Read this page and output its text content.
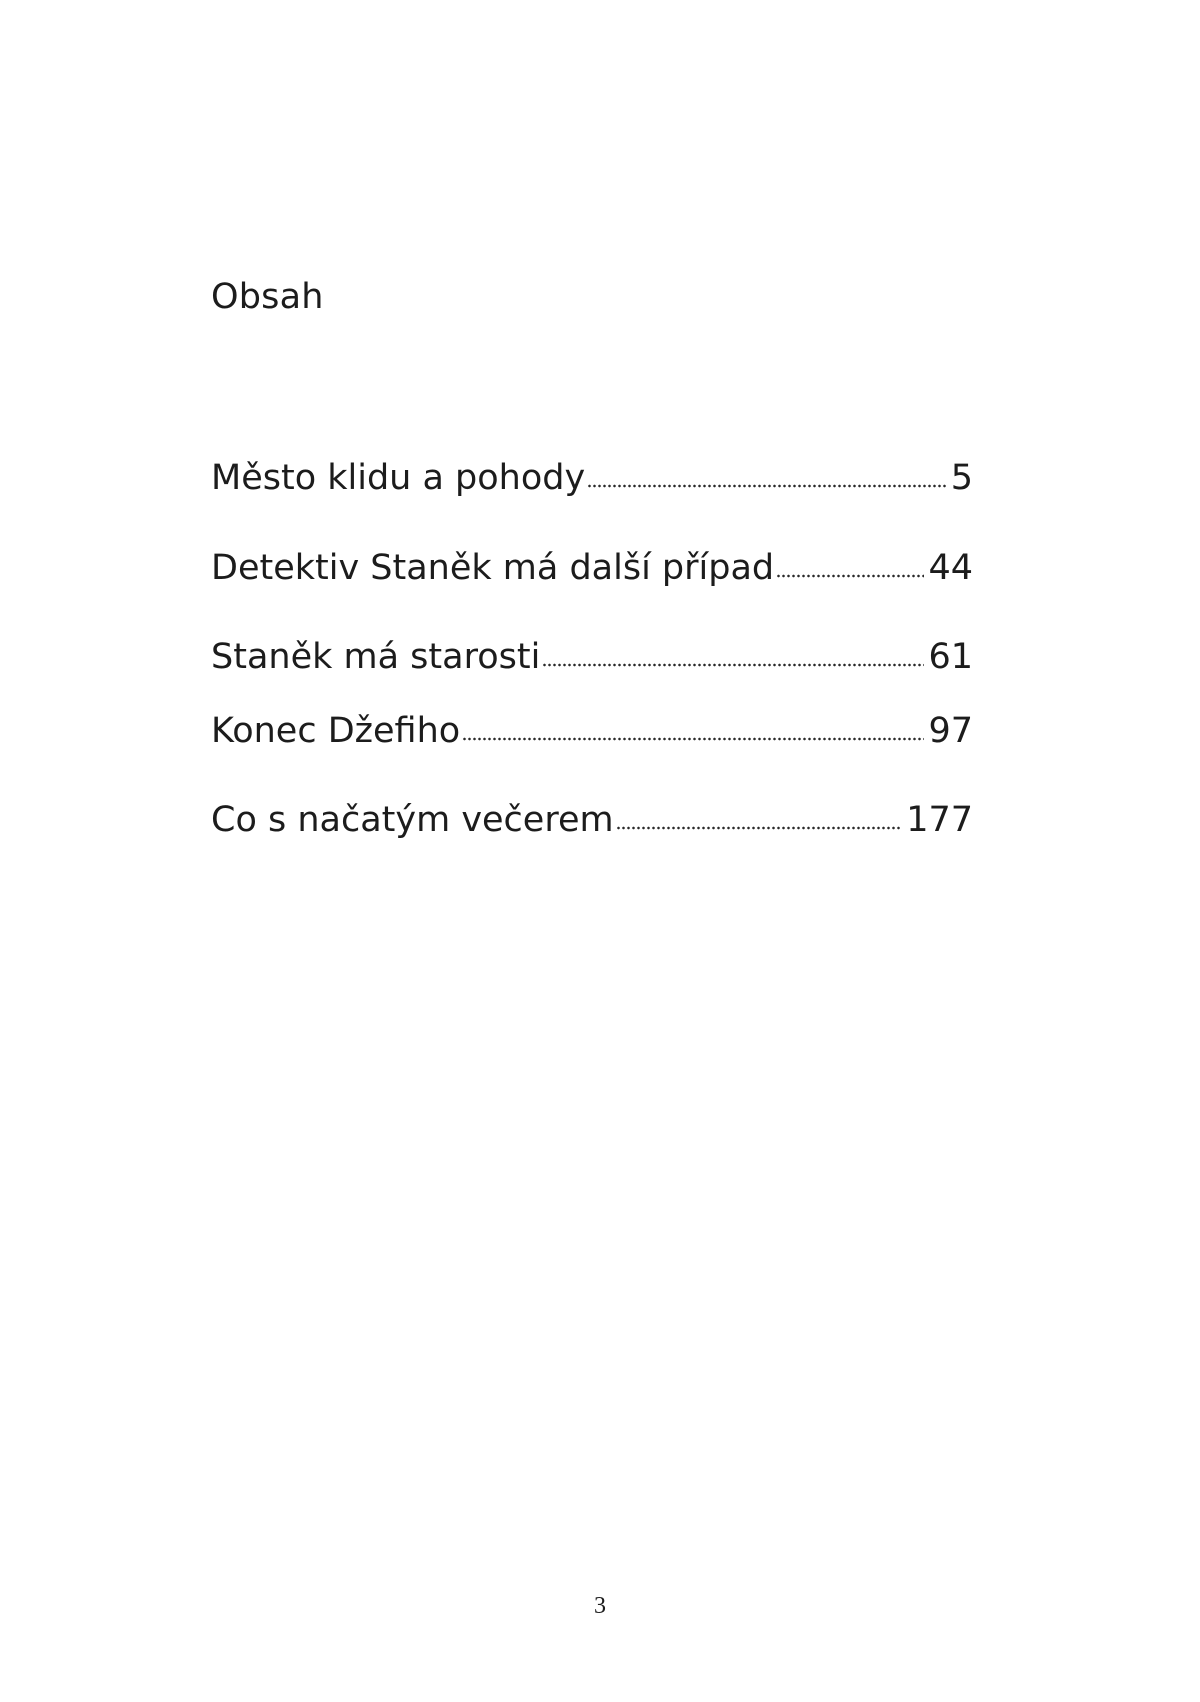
Obsah
Město klidu a pohody	5
Detektiv Staněk má další případ	44
Staněk má starosti	61
Konec Džefiho	97
Co s načatým večerem	177
3
